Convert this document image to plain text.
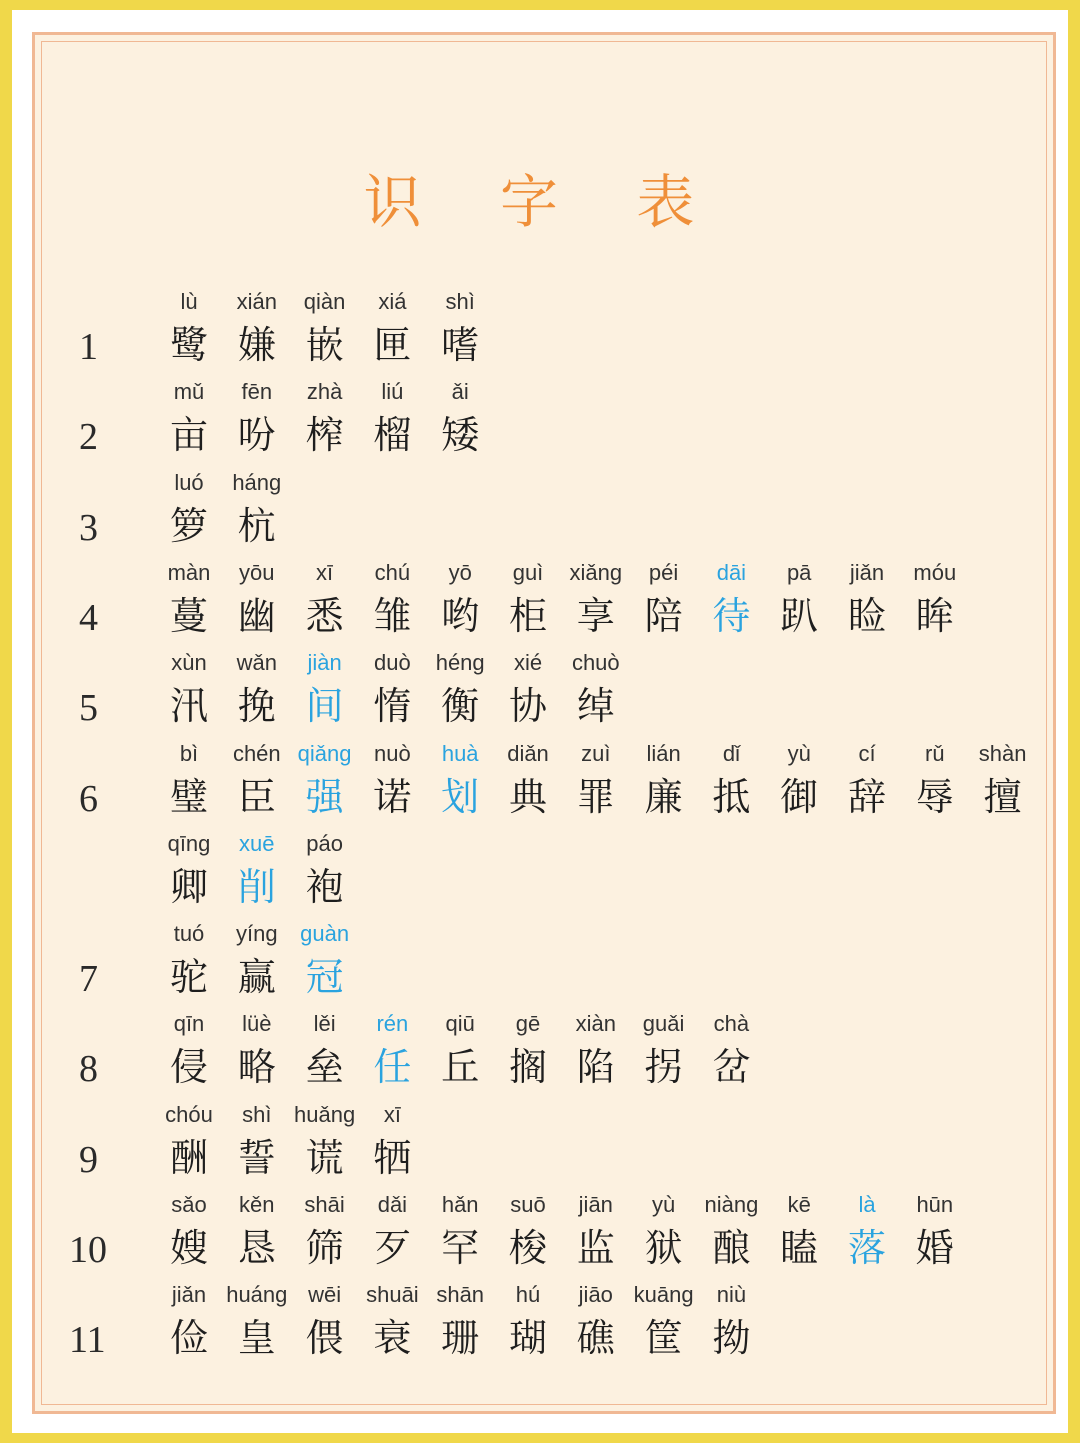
识 字 表
1
lù
鹭
xián
嫌
qiàn
嵌
xiá
匣
shì
嗜
2
mǔ
亩
fēn
吩
zhà
榨
liú
榴
ǎi
矮
3
luó
箩
háng
杭
4
màn
蔓
yōu
幽
xī
悉
chú
雏
yō
哟
guì
柜
xiǎng
享
péi
陪
dāi
待
pā
趴
jiǎn
睑
móu
眸
5
xùn
汛
wǎn
挽
jiàn
间
duò
惰
héng
衡
xié
协
chuò
绰
6
bì
璧
chén
臣
qiǎng
强
nuò
诺
huà
划
diǎn
典
zuì
罪
lián
廉
dǐ
抵
yù
御
cí
辞
rǔ
辱
shàn
擅
qīng
卿
xuē
削
páo
袍
7
tuó
驼
yíng
赢
guàn
冠
8
qīn
侵
lüè
略
lěi
垒
rén
任
qiū
丘
gē
搁
xiàn
陷
guǎi
拐
chà
岔
9
chóu
酬
shì
誓
huǎng
谎
xī
牺
10
sǎo
嫂
kěn
恳
shāi
筛
dǎi
歹
hǎn
罕
suō
梭
jiān
监
yù
狱
niàng
酿
kē
瞌
là
落
hūn
婚
11
jiǎn
俭
huáng
皇
wēi
偎
shuāi
衰
shān
珊
hú
瑚
jiāo
礁
kuāng
筐
niù
拗
